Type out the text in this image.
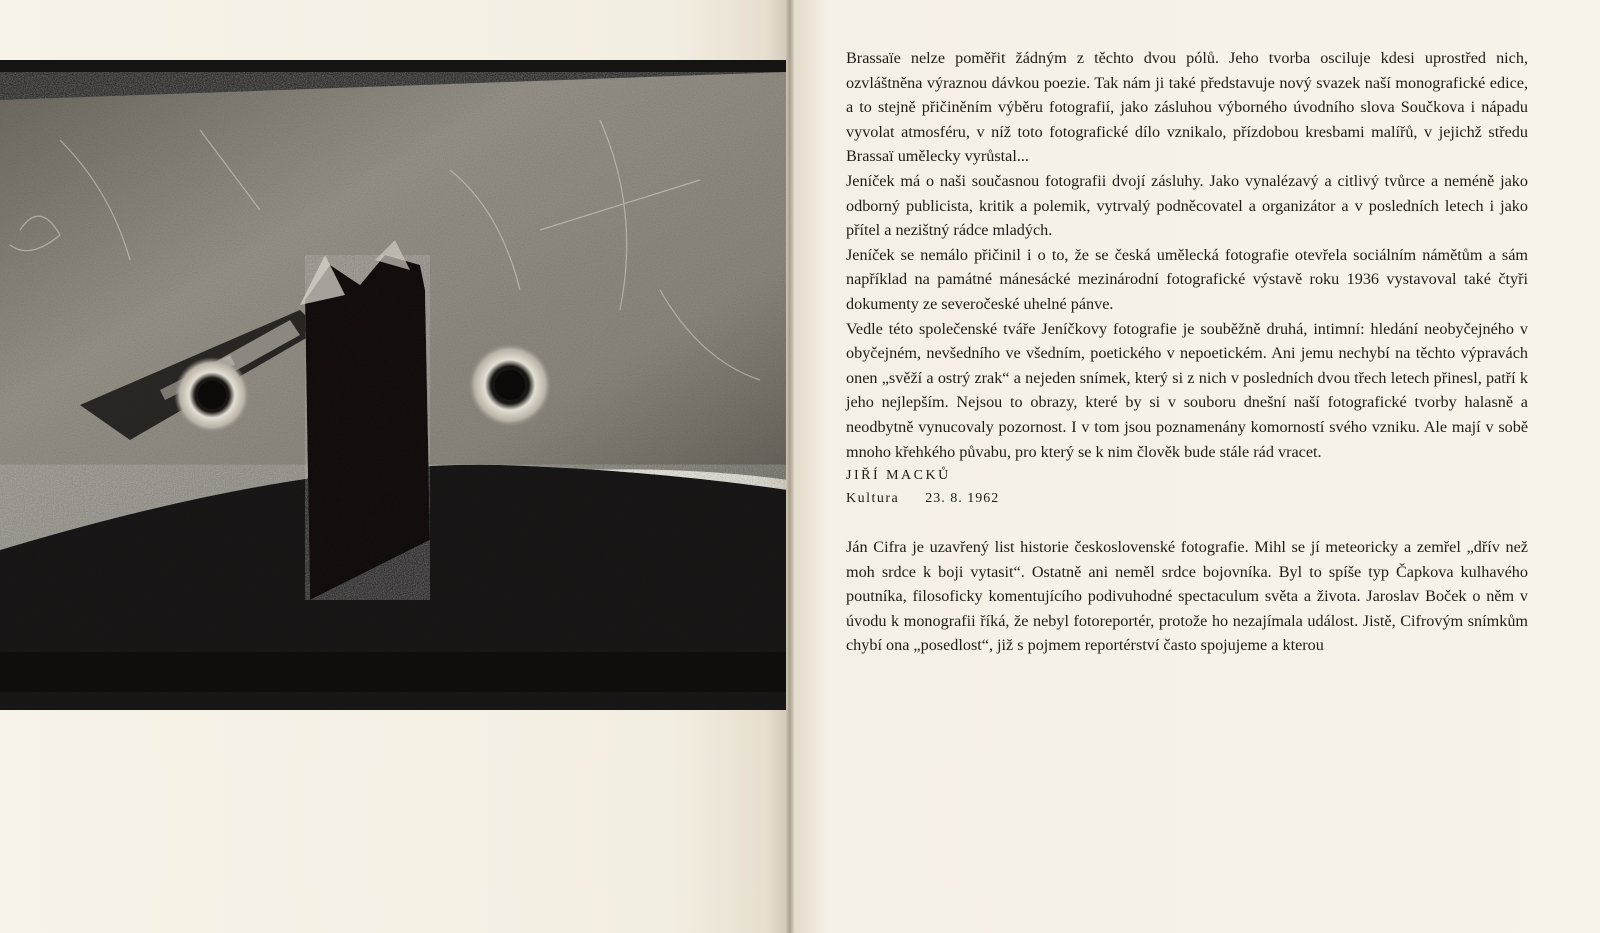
Brassaïe nelze poměřit žádným z těchto dvou pólů. Jeho tvorba osciluje kdesi uprostřed nich, ozvláštněna výraznou dávkou poezie. Tak nám ji také představuje nový svazek naší monografické edice, a to stejně přičiněním výběru fotografií, jako zásluhou výborného úvodního slova Součkova i nápadu vyvolat atmosféru, v níž toto fotografické dílo vznikalo, přízdobou kresbami malířů, v jejichž středu Brassaï umělecky vyrůstal...

Jeníček má o naši současnou fotografii dvojí zásluhy. Jako vynalézavý a citlivý tvůrce a neméně jako odborný publicista, kritik a polemik, vytrvalý podněcovatel a organizátor a v posledních letech i jako přítel a nezištný rádce mladých.

Jeníček se nemálo přičinil i o to, že se česká umělecká fotografie otevřela sociálním námětům a sám například na památné mánesácké mezinárodní fotografické výstavě roku 1936 vystavoval také čtyři dokumenty ze severočeské uhelné pánve.

Vedle této společenské tváře Jeníčkovy fotografie je souběžně druhá, intimní: hledání neobyčejného v obyčejném, nevšedního ve všedním, poetického v nepoetickém. Ani jemu nechybí na těchto výpravách onen „svěží a ostrý zrak“ a nejeden snímek, který si z nich v posledních dvou třech letech přinesl, patří k jeho nejlepším. Nejsou to obrazy, které by si v souboru dnešní naší fotografické tvorby halasně a neodbytně vynucovaly pozornost. I v tom jsou poznamenány komorností svého vzniku. Ale mají v sobě mnoho křehkého půvabu, pro který se k nim člověk bude stále rád vracet.

JIŘÍ MACKŮ
Kultura 23. 8. 1962

Ján Cifra je uzavřený list historie československé fotografie. Mihl se jí meteoricky a zemřel „dřív než moh srdce k boji vytasit“. Ostatně ani neměl srdce bojovníka. Byl to spíše typ Čapkova kulhavého poutníka, filosoficky komentujícího podivuhodné spectaculum světa a života. Jaroslav Boček o něm v úvodu k monografii říká, že nebyl fotoreportér, protože ho nezajímala událost. Jistě, Cifrovým snímkům chybí ona „posedlost“, již s pojmem reportérství často spojujeme a kterou
